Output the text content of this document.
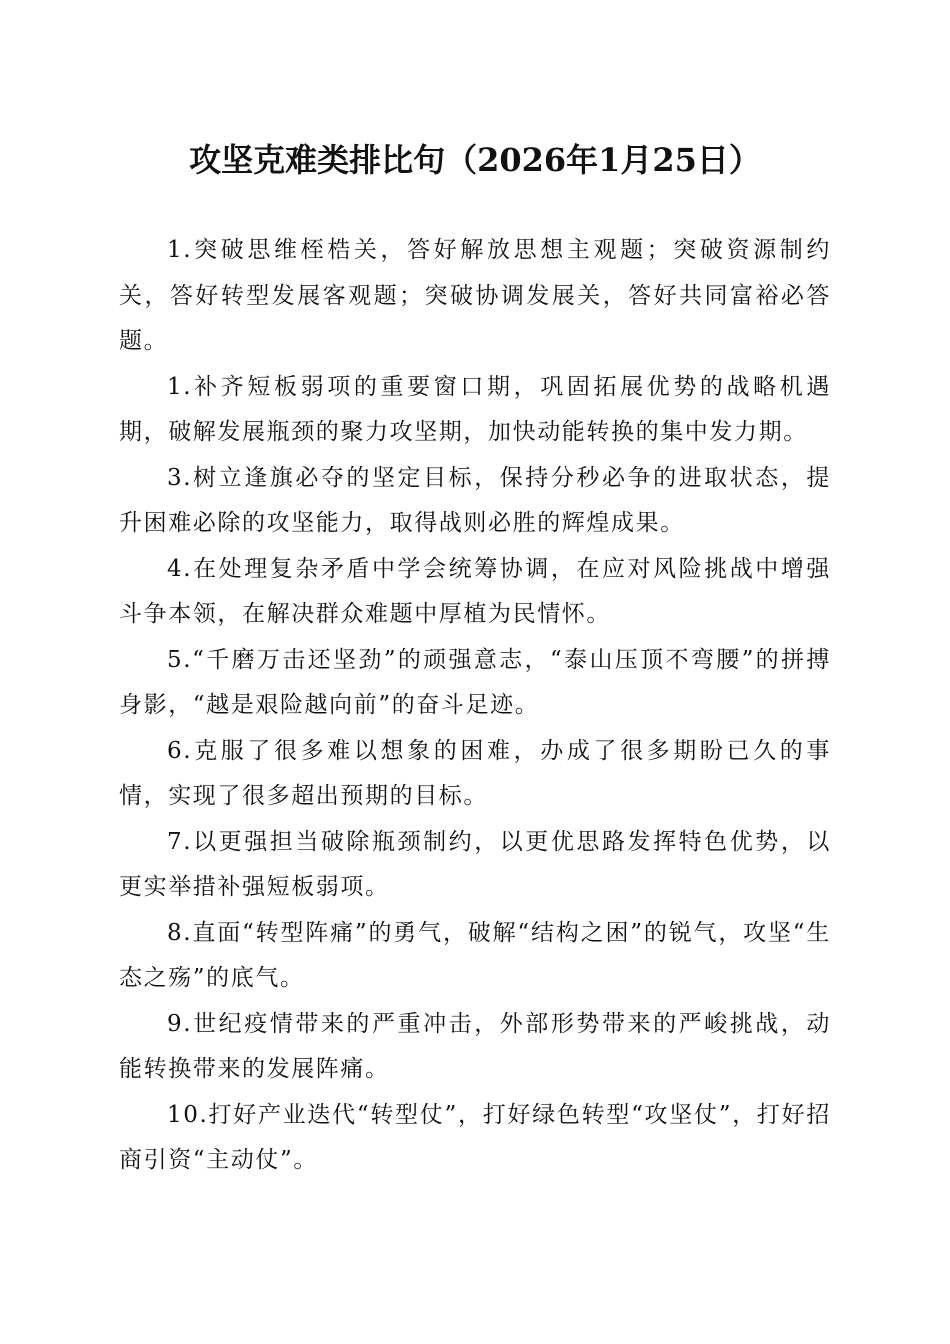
攻坚克难类排比句（2026年1月25日）

1.突破思维桎梏关，答好解放思想主观题；突破资源制约关，答好转型发展客观题；突破协调发展关，答好共同富裕必答题。

1.补齐短板弱项的重要窗口期，巩固拓展优势的战略机遇期，破解发展瓶颈的聚力攻坚期，加快动能转换的集中发力期。

3.树立逢旗必夺的坚定目标，保持分秒必争的进取状态，提升困难必除的攻坚能力，取得战则必胜的辉煌成果。

4.在处理复杂矛盾中学会统筹协调，在应对风险挑战中增强斗争本领，在解决群众难题中厚植为民情怀。

5.“千磨万击还坚劲”的顽强意志，“泰山压顶不弯腰”的拼搏身影，“越是艰险越向前”的奋斗足迹。

6.克服了很多难以想象的困难，办成了很多期盼已久的事情，实现了很多超出预期的目标。

7.以更强担当破除瓶颈制约，以更优思路发挥特色优势，以更实举措补强短板弱项。

8.直面“转型阵痛”的勇气，破解“结构之困”的锐气，攻坚“生态之殇”的底气。

9.世纪疫情带来的严重冲击，外部形势带来的严峻挑战，动能转换带来的发展阵痛。

10.打好产业迭代“转型仗”，打好绿色转型“攻坚仗”，打好招商引资“主动仗”。
